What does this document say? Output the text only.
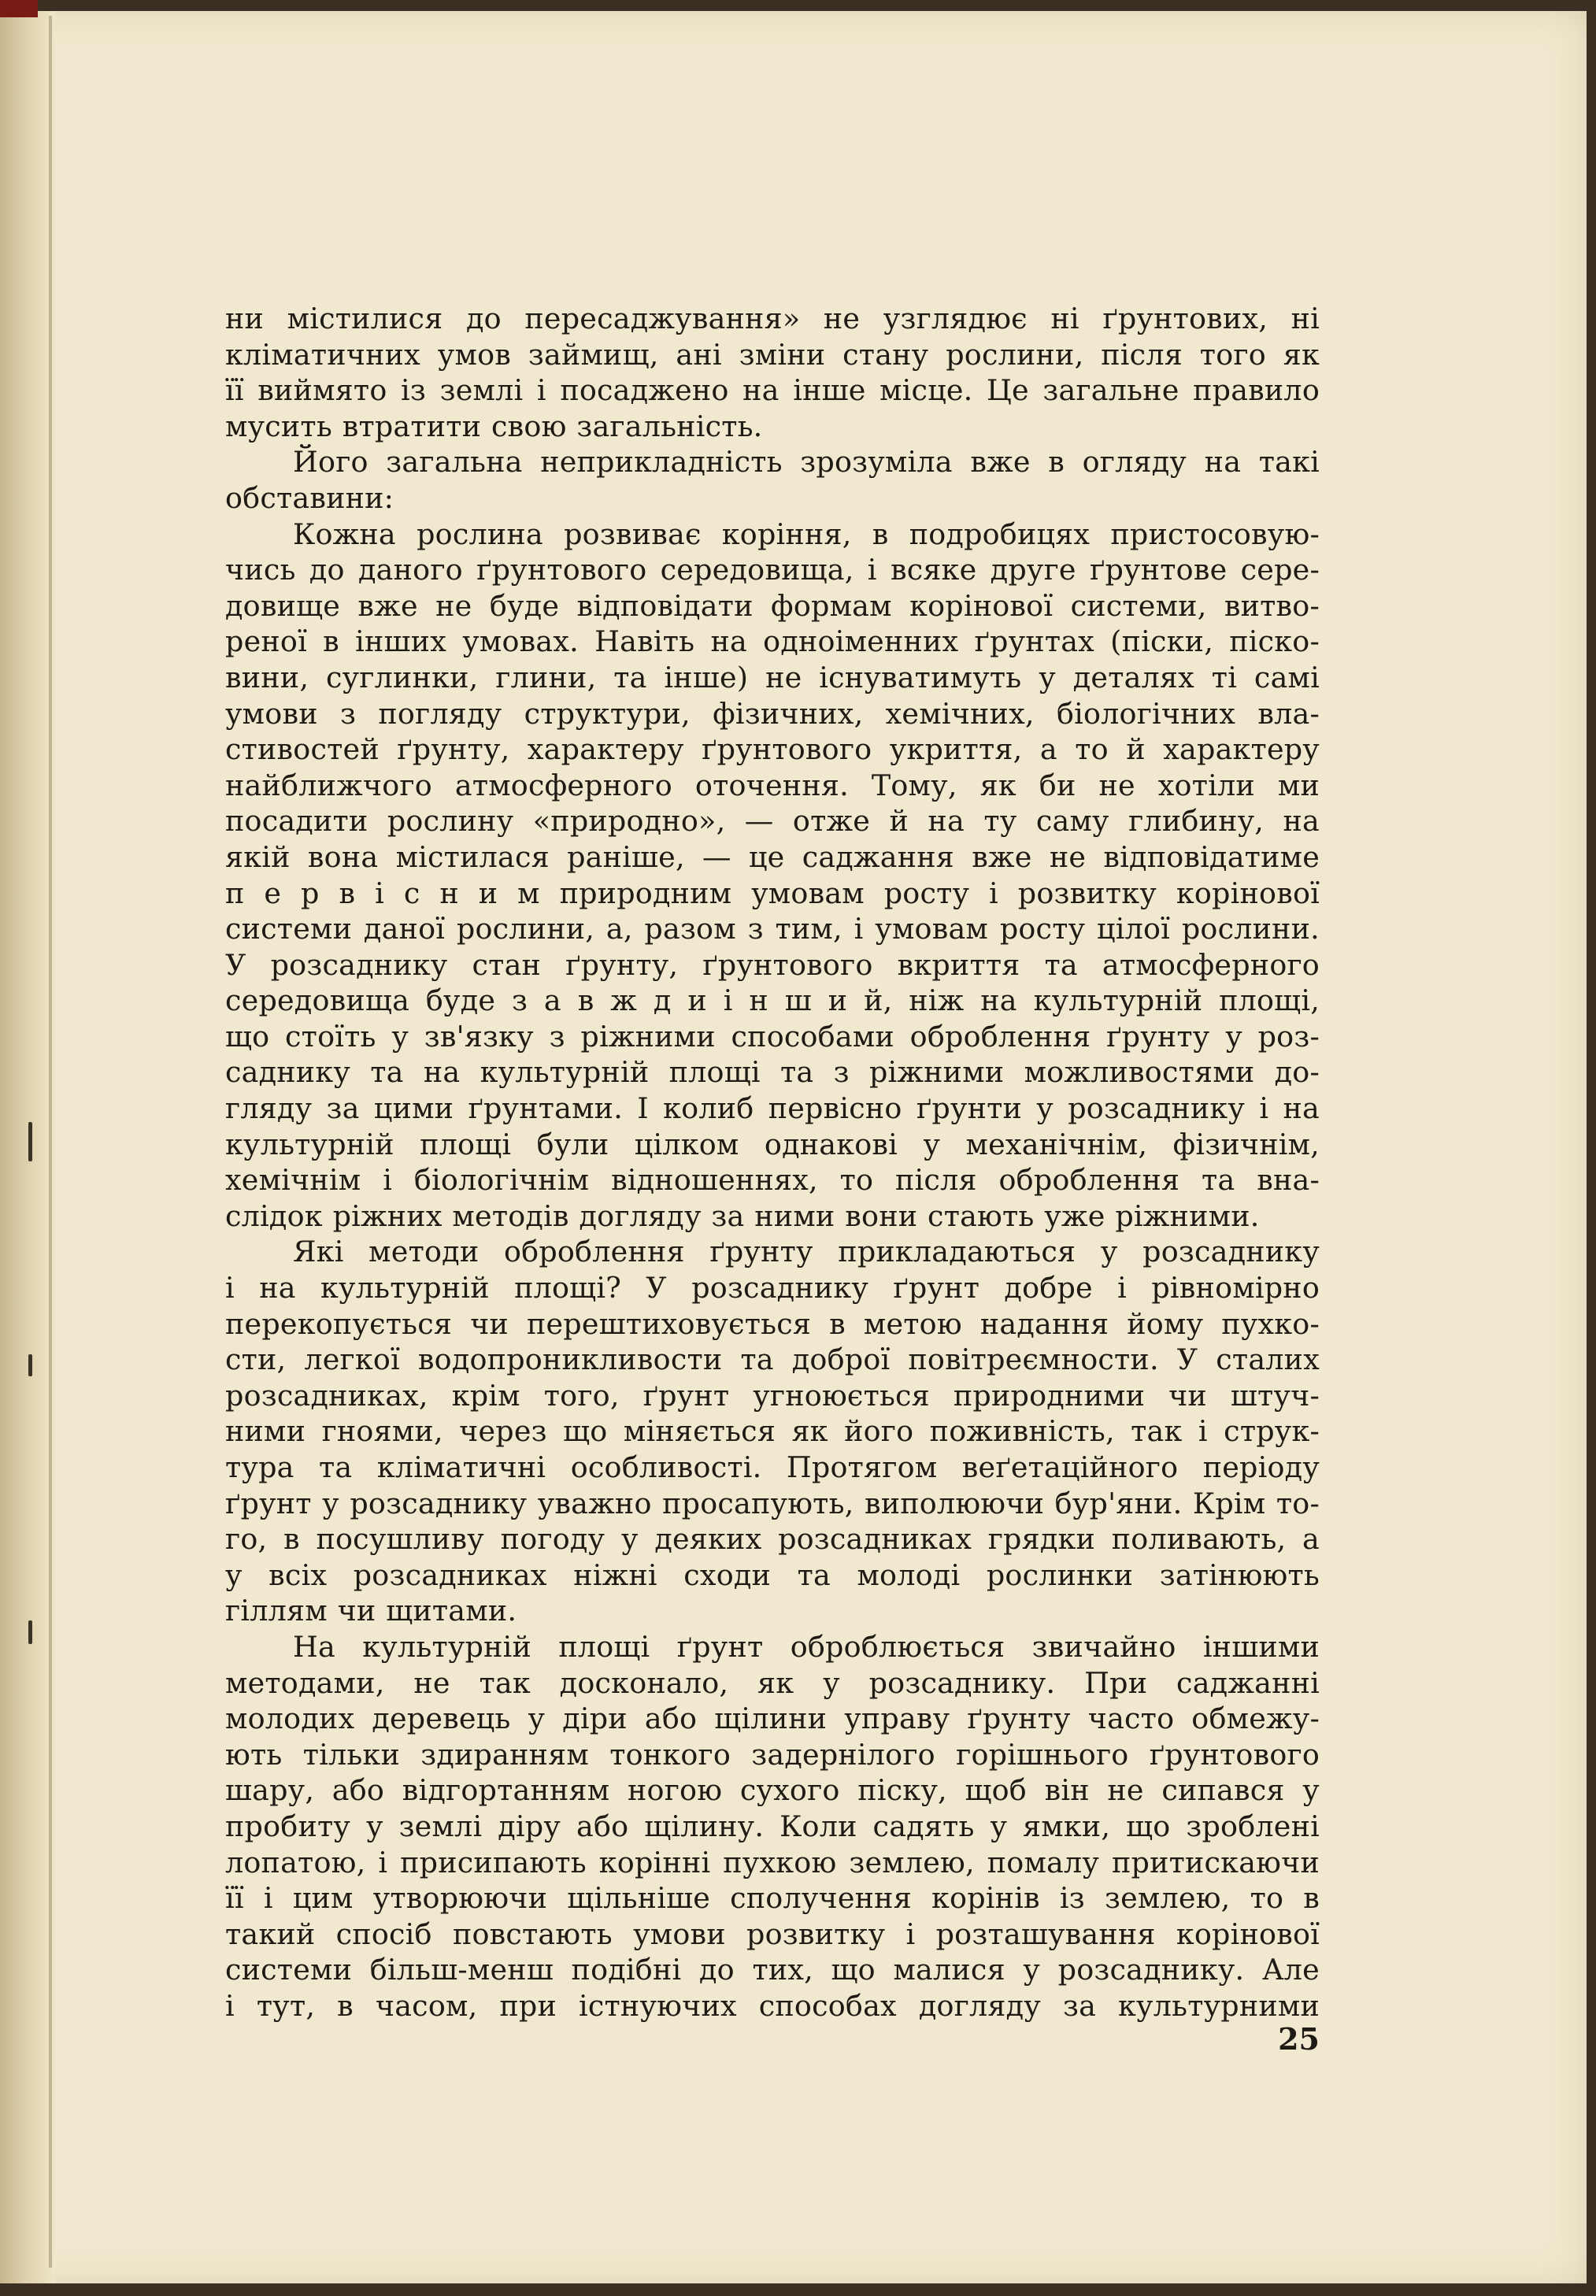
ни містилися до пересаджування» не узглядює ні ґрунтових, ні
кліматичних умов займищ, ані зміни стану рослини, після того як
її виймято із землі і посаджено на інше місце. Це загальне правило
мусить втратити свою загальність.
Його загальна неприкладність зрозуміла вже в огляду на такі
обставини:
Кожна рослина розвиває коріння, в подробицях пристосовую-
чись до даного ґрунтового середовища, і всяке друге ґрунтове сере-
довище вже не буде відповідати формам корінової системи, витво-
реної в інших умовах. Навіть на одноіменних ґрунтах (піски, піско-
вини, суглинки, глини, та інше) не існуватимуть у деталях ті самі
умови з погляду структури, фізичних, хемічних, біологічних вла-
стивостей ґрунту, характеру ґрунтового укриття, а то й характеру
найближчого атмосферного оточення. Тому, як би не хотіли ми
посадити рослину «природно», — отже й на ту саму глибину, на
якій вона містилася раніше, — це саджання вже не відповідатиме
п е р в і с н и м природним умовам росту і розвитку корінової
системи даної рослини, а, разом з тим, і умовам росту цілої рослини.
У розсаднику стан ґрунту, ґрунтового вкриття та атмосферного
середовища буде з а в ж д и і н ш и й, ніж на культурній площі,
що стоїть у зв'язку з ріжними способами оброблення ґрунту у роз-
саднику та на культурній площі та з ріжними можливостями до-
гляду за цими ґрунтами. І колиб первісно ґрунти у розсаднику і на
культурній площі були цілком однакові у механічнім, фізичнім,
хемічнім і біологічнім відношеннях, то після оброблення та вна-
слідок ріжних методів догляду за ними вони стають уже ріжними.
Які методи оброблення ґрунту прикладаються у розсаднику
і на культурній площі? У розсаднику ґрунт добре і рівномірно
перекопується чи перештиховується в метою надання йому пухко-
сти, легкої водопроникливости та доброї повітреємности. У сталих
розсадниках, крім того, ґрунт угноюється природними чи штуч-
ними гноями, через що міняється як його поживність, так і струк-
тура та кліматичні особливості. Протягом веґетаційного періоду
ґрунт у розсаднику уважно просапують, виполюючи бур'яни. Крім то-
го, в посушливу погоду у деяких розсадниках грядки поливають, а
у всіх розсадниках ніжні сходи та молоді рослинки затінюють
гіллям чи щитами.
На культурній площі ґрунт оброблюється звичайно іншими
методами, не так досконало, як у розсаднику. При саджанні
молодих деревець у діри або щілини управу ґрунту часто обмежу-
ють тільки здиранням тонкого задернілого горішнього ґрунтового
шару, або відгортанням ногою сухого піску, щоб він не сипався у
пробиту у землі діру або щілину. Коли садять у ямки, що зроблені
лопатою, і присипають корінні пухкою землею, помалу притискаючи
її і цим утворюючи щільніше сполучення корінів із землею, то в
такий спосіб повстають умови розвитку і розташування корінової
системи більш-менш подібні до тих, що малися у розсаднику. Але
і тут, в часом, при істнуючих способах догляду за культурними
25
